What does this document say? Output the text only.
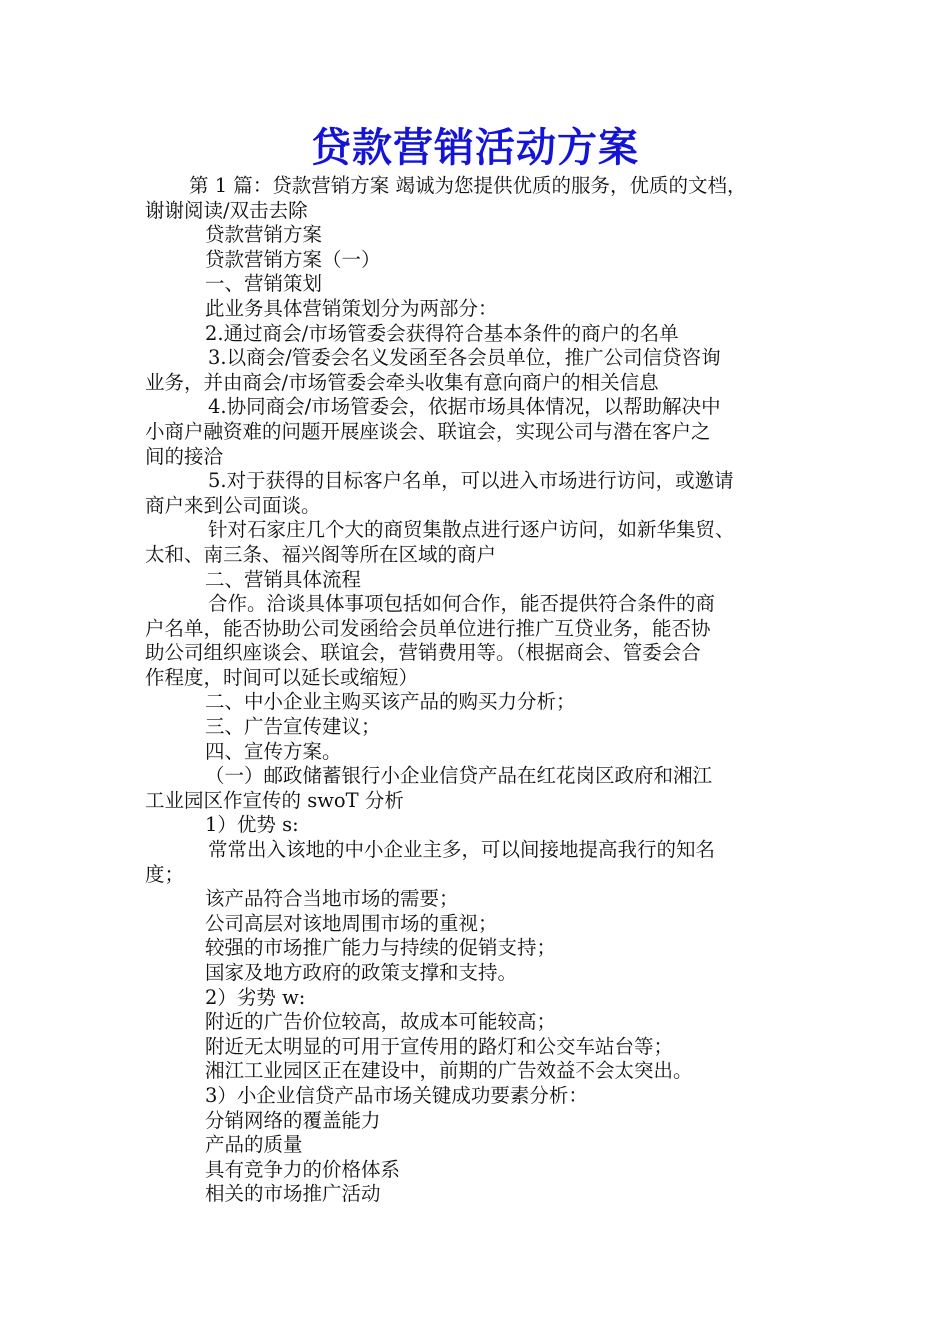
贷款营销活动方案

第 1 篇：贷款营销方案 竭诚为您提供优质的服务，优质的文档，

谢谢阅读/双击去除

贷款营销方案

贷款营销方案（一）

一、营销策划

此业务具体营销策划分为两部分：

2.通过商会/市场管委会获得符合基本条件的商户的名单

3.以商会/管委会名义发函至各会员单位，推广公司信贷咨询

业务，并由商会/市场管委会牵头收集有意向商户的相关信息

4.协同商会/市场管委会，依据市场具体情况，以帮助解决中

小商户融资难的问题开展座谈会、联谊会，实现公司与潜在客户之

间的接洽

5.对于获得的目标客户名单，可以进入市场进行访问，或邀请

商户来到公司面谈。

针对石家庄几个大的商贸集散点进行逐户访问，如新华集贸、

太和、南三条、福兴阁等所在区域的商户

二、营销具体流程

合作。洽谈具体事项包括如何合作，能否提供符合条件的商

户名单，能否协助公司发函给会员单位进行推广互贷业务，能否协

助公司组织座谈会、联谊会，营销费用等。（根据商会、管委会合

作程度，时间可以延长或缩短）

二、中小企业主购买该产品的购买力分析；

三、广告宣传建议；

四、宣传方案。

（一）邮政储蓄银行小企业信贷产品在红花岗区政府和湘江

工业园区作宣传的 swoT 分析

1）优势 s:

常常出入该地的中小企业主多，可以间接地提高我行的知名

度；

该产品符合当地市场的需要；

公司高层对该地周围市场的重视；

较强的市场推广能力与持续的促销支持；

国家及地方政府的政策支撑和支持。

2）劣势 w:

附近的广告价位较高，故成本可能较高；

附近无太明显的可用于宣传用的路灯和公交车站台等；

湘江工业园区正在建设中，前期的广告效益不会太突出。

3）小企业信贷产品市场关键成功要素分析：

分销网络的覆盖能力

产品的质量

具有竞争力的价格体系

相关的市场推广活动
